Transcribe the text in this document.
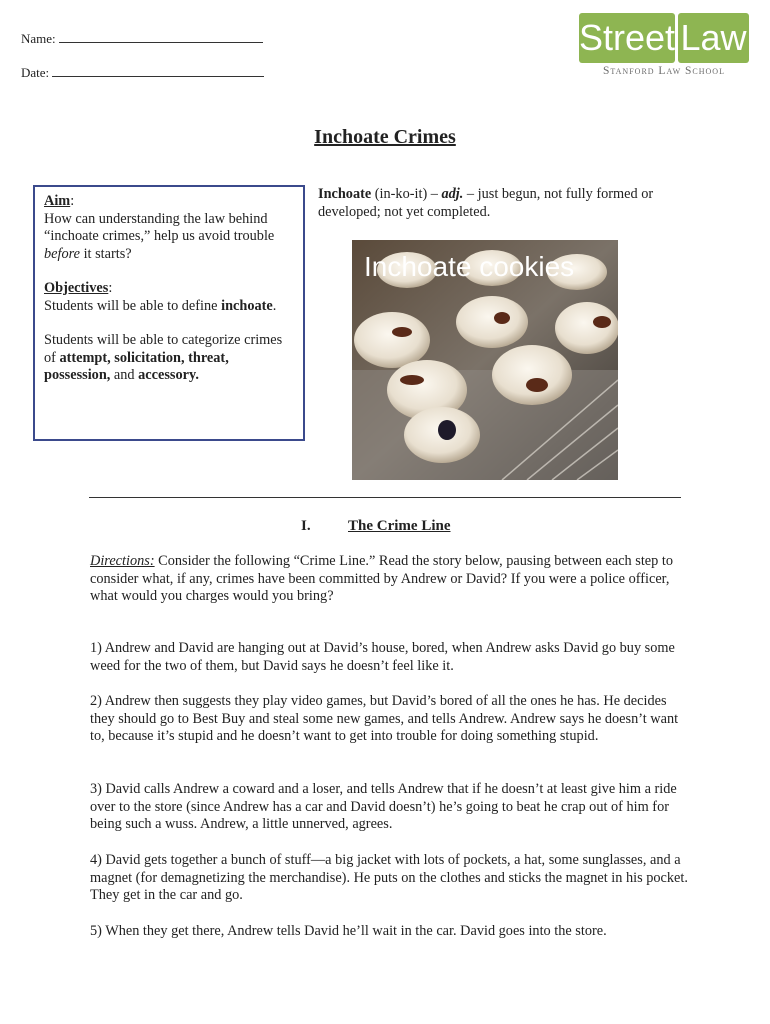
Name:
Date:
Street Law
Stanford Law School
Inchoate Crimes

Aim:

How can understanding the law behind “inchoate crimes,” help us avoid trouble before it starts?

Objectives:

Students will be able to define inchoate.

Students will be able to categorize crimes of attempt, solicitation, threat, possession, and accessory.

Inchoate (in-ko-it) – adj. – just begun, not fully formed or developed; not yet completed.
Inchoate cookies
I. The Crime Line

Directions: Consider the following “Crime Line.” Read the story below, pausing between each step to consider what, if any, crimes have been committed by Andrew or David? If you were a police officer, what would you charges would you bring?

1) Andrew and David are hanging out at David’s house, bored, when Andrew asks David go buy some weed for the two of them, but David says he doesn’t feel like it.
2) Andrew then suggests they play video games, but David’s bored of all the ones he has. He decides they should go to Best Buy and steal some new games, and tells Andrew. Andrew says he doesn’t want to, because it’s stupid and he doesn’t want to get into trouble for doing something stupid.
3) David calls Andrew a coward and a loser, and tells Andrew that if he doesn’t at least give him a ride over to the store (since Andrew has a car and David doesn’t) he’s going to beat he crap out of him for being such a wuss. Andrew, a little unnerved, agrees.
4) David gets together a bunch of stuff—a big jacket with lots of pockets, a hat, some sunglasses, and a magnet (for demagnetizing the merchandise). He puts on the clothes and sticks the magnet in his pocket. They get in the car and go.
5) When they get there, Andrew tells David he’ll wait in the car. David goes into the store.
